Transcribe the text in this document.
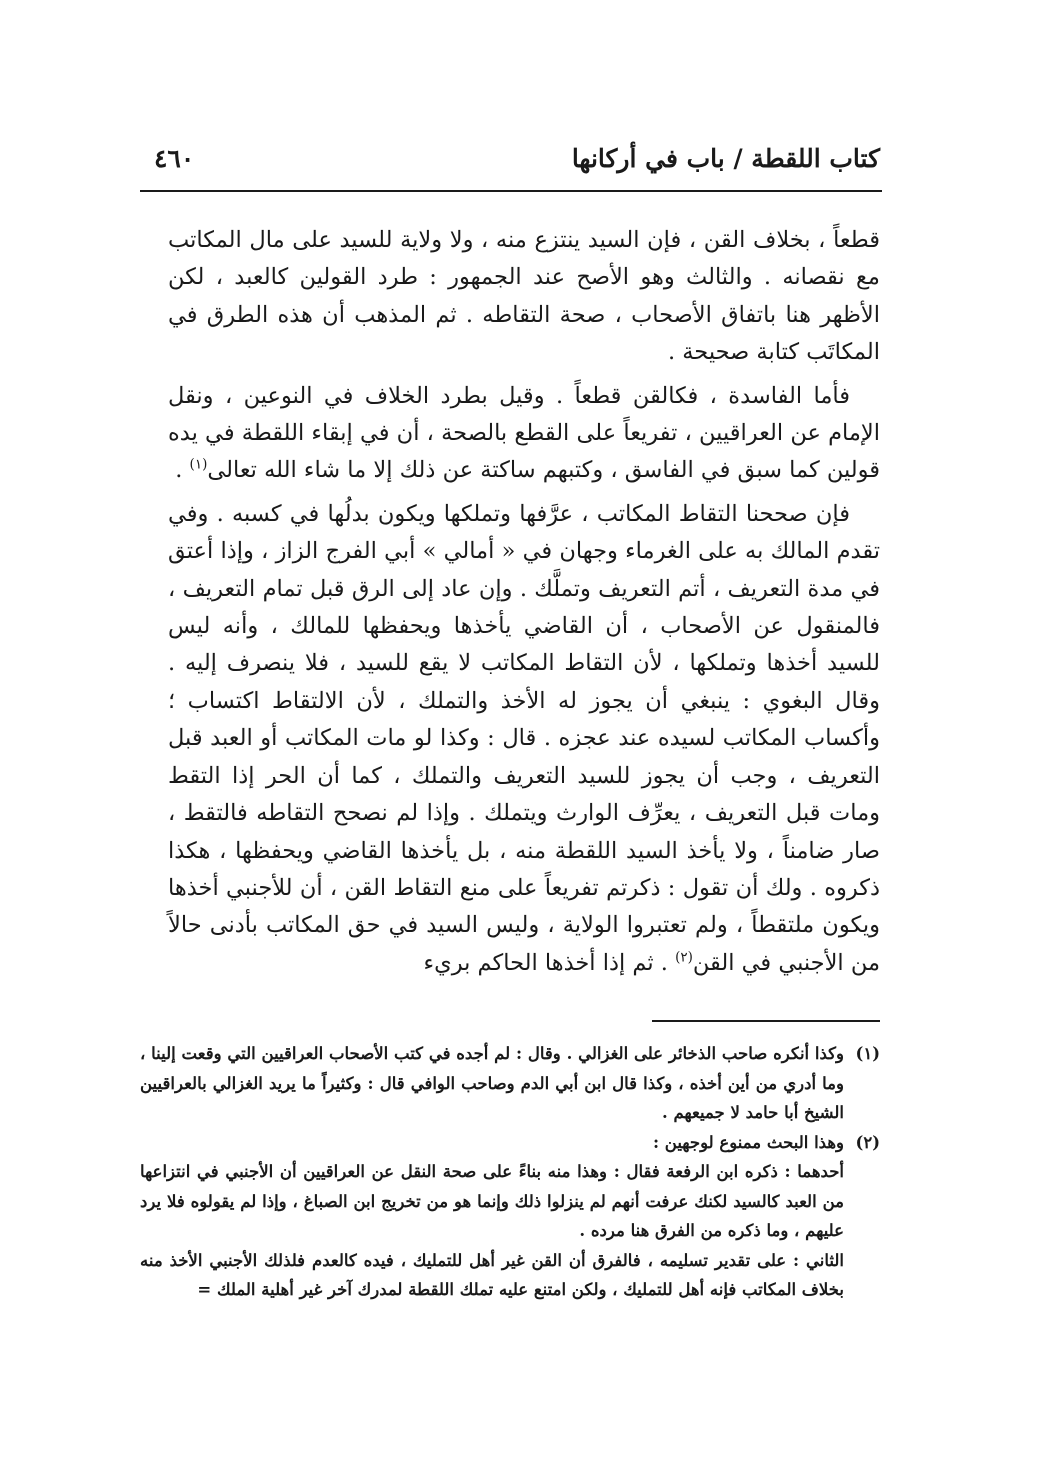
كتاب اللقطة / باب في أركانها
٤٦٠

قطعاً ، بخلاف القن ، فإن السيد ينتزع منه ، ولا ولاية للسيد على مال المكاتب مع نقصانه . والثالث وهو الأصح عند الجمهور : طرد القولين كالعبد ، لكن الأظهر هنا باتفاق الأصحاب ، صحة التقاطه . ثم المذهب أن هذه الطرق في المكاتَب كتابة صحيحة .

فأما الفاسدة ، فكالقن قطعاً . وقيل بطرد الخلاف في النوعين ، ونقل الإمام عن العراقيين ، تفريعاً على القطع بالصحة ، أن في إبقاء اللقطة في يده قولين كما سبق في الفاسق ، وكتبهم ساكتة عن ذلك إلا ما شاء الله تعالى$^{(١)}$ .

فإن صححنا التقاط المكاتب ، عرَّفها وتملكها ويكون بدلُها في كسبه . وفي تقدم المالك به على الغرماء وجهان في « أمالي » أبي الفرج الزاز ، وإذا أعتق في مدة التعريف ، أتم التعريف وتملَّك . وإن عاد إلى الرق قبل تمام التعريف ، فالمنقول عن الأصحاب ، أن القاضي يأخذها ويحفظها للمالك ، وأنه ليس للسيد أخذها وتملكها ، لأن التقاط المكاتب لا يقع للسيد ، فلا ينصرف إليه . وقال البغوي : ينبغي أن يجوز له الأخذ والتملك ، لأن الالتقاط اكتساب ؛ وأكساب المكاتب لسيده عند عجزه . قال : وكذا لو مات المكاتب أو العبد قبل التعريف ، وجب أن يجوز للسيد التعريف والتملك ، كما أن الحر إذا التقط ومات قبل التعريف ، يعرِّف الوارث ويتملك . وإذا لم نصحح التقاطه فالتقط ، صار ضامناً ، ولا يأخذ السيد اللقطة منه ، بل يأخذها القاضي ويحفظها ، هكذا ذكروه . ولك أن تقول : ذكرتم تفريعاً على منع التقاط القن ، أن للأجنبي أخذها ويكون ملتقطاً ، ولم تعتبروا الولاية ، وليس السيد في حق المكاتب بأدنى حالاً من الأجنبي في القن$^{(٢)}$ . ثم إذا أخذها الحاكم بريء

(١)
وكذا أنكره صاحب الذخائر على الغزالي . وقال : لم أجده في كتب الأصحاب العراقيين التي وقعت إلينا ، وما أدري من أين أخذه ، وكذا قال ابن أبي الدم وصاحب الوافي قال : وكثيراً ما يريد الغزالي بالعراقيين الشيخ أبا حامد لا جميعهم .
(٢)
وهذا البحث ممنوع لوجهين :

أحدهما : ذكره ابن الرفعة فقال : وهذا منه بناءً على صحة النقل عن العراقيين أن الأجنبي في انتزاعها من العبد كالسيد لكنك عرفت أنهم لم ينزلوا ذلك وإنما هو من تخريج ابن الصباغ ، وإذا لم يقولوه فلا يرد عليهم ، وما ذكره من الفرق هنا مرده .

الثاني : على تقدير تسليمه ، فالفرق أن القن غير أهل للتمليك ، فيده كالعدم فلذلك الأجنبي الأخذ منه بخلاف المكاتب فإنه أهل للتمليك ، ولكن امتنع عليه تملك اللقطة لمدرك آخر غير أهلية الملك =
